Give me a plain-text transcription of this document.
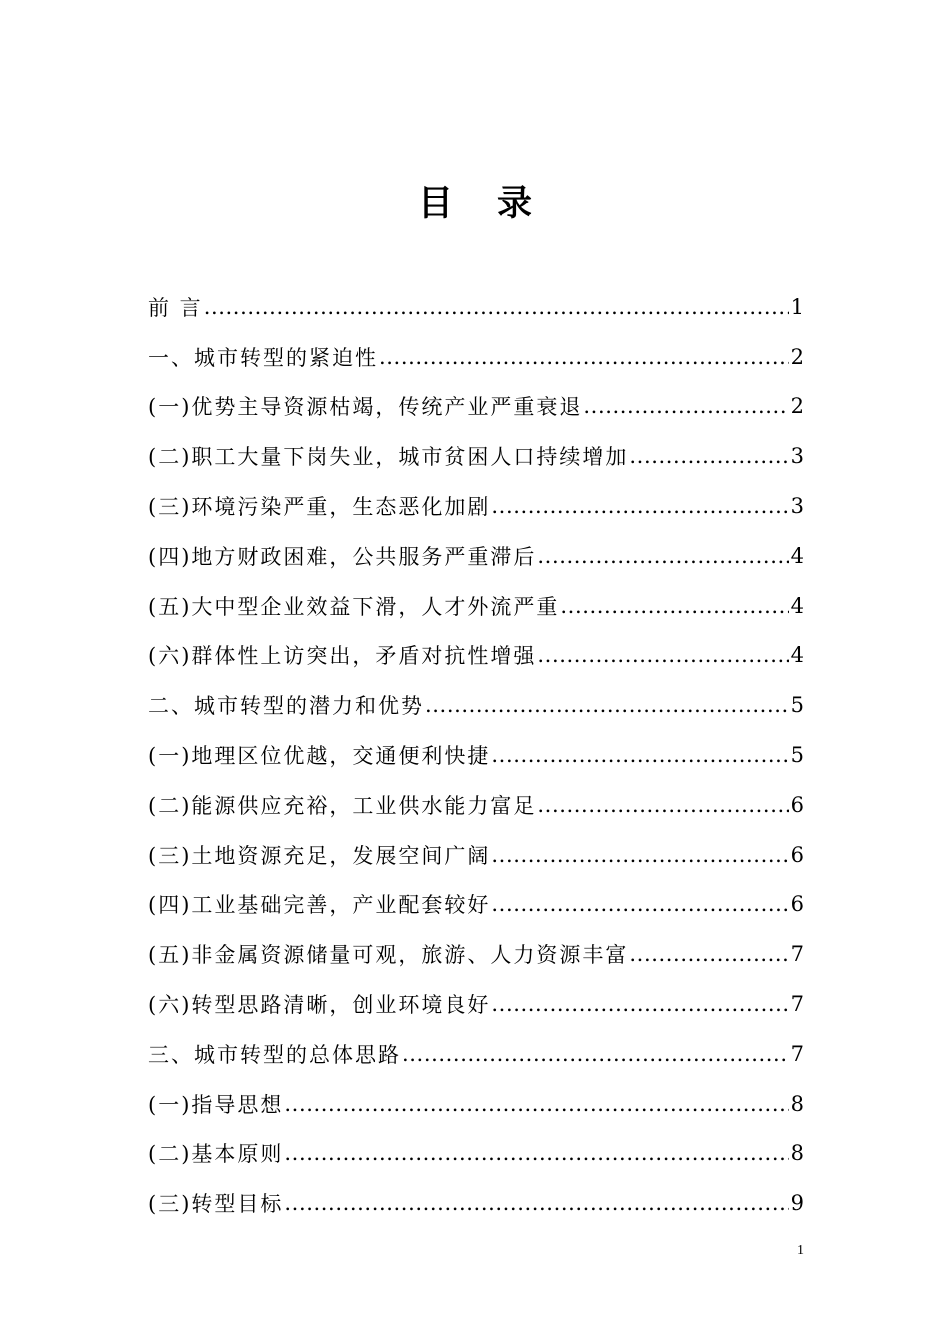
目 录
前 言 .....	1
一、城市转型的紧迫性 .....	2
(一)优势主导资源枯竭，传统产业严重衰退 .....	2
(二)职工大量下岗失业，城市贫困人口持续增加 .....	3
(三)环境污染严重，生态恶化加剧 .....	3
(四)地方财政困难，公共服务严重滞后 .....	4
(五)大中型企业效益下滑，人才外流严重 .....	4
(六)群体性上访突出，矛盾对抗性增强 .....	4
二、城市转型的潜力和优势 .....	5
(一)地理区位优越，交通便利快捷 .....	5
(二)能源供应充裕，工业供水能力富足 .....	6
(三)土地资源充足，发展空间广阔 .....	6
(四)工业基础完善，产业配套较好 .....	6
(五)非金属资源储量可观，旅游、人力资源丰富 .....	7
(六)转型思路清晰，创业环境良好 .....	7
三、城市转型的总体思路 .....	7
(一)指导思想 .....	8
(二)基本原则 .....	8
(三)转型目标 .....	9
1
